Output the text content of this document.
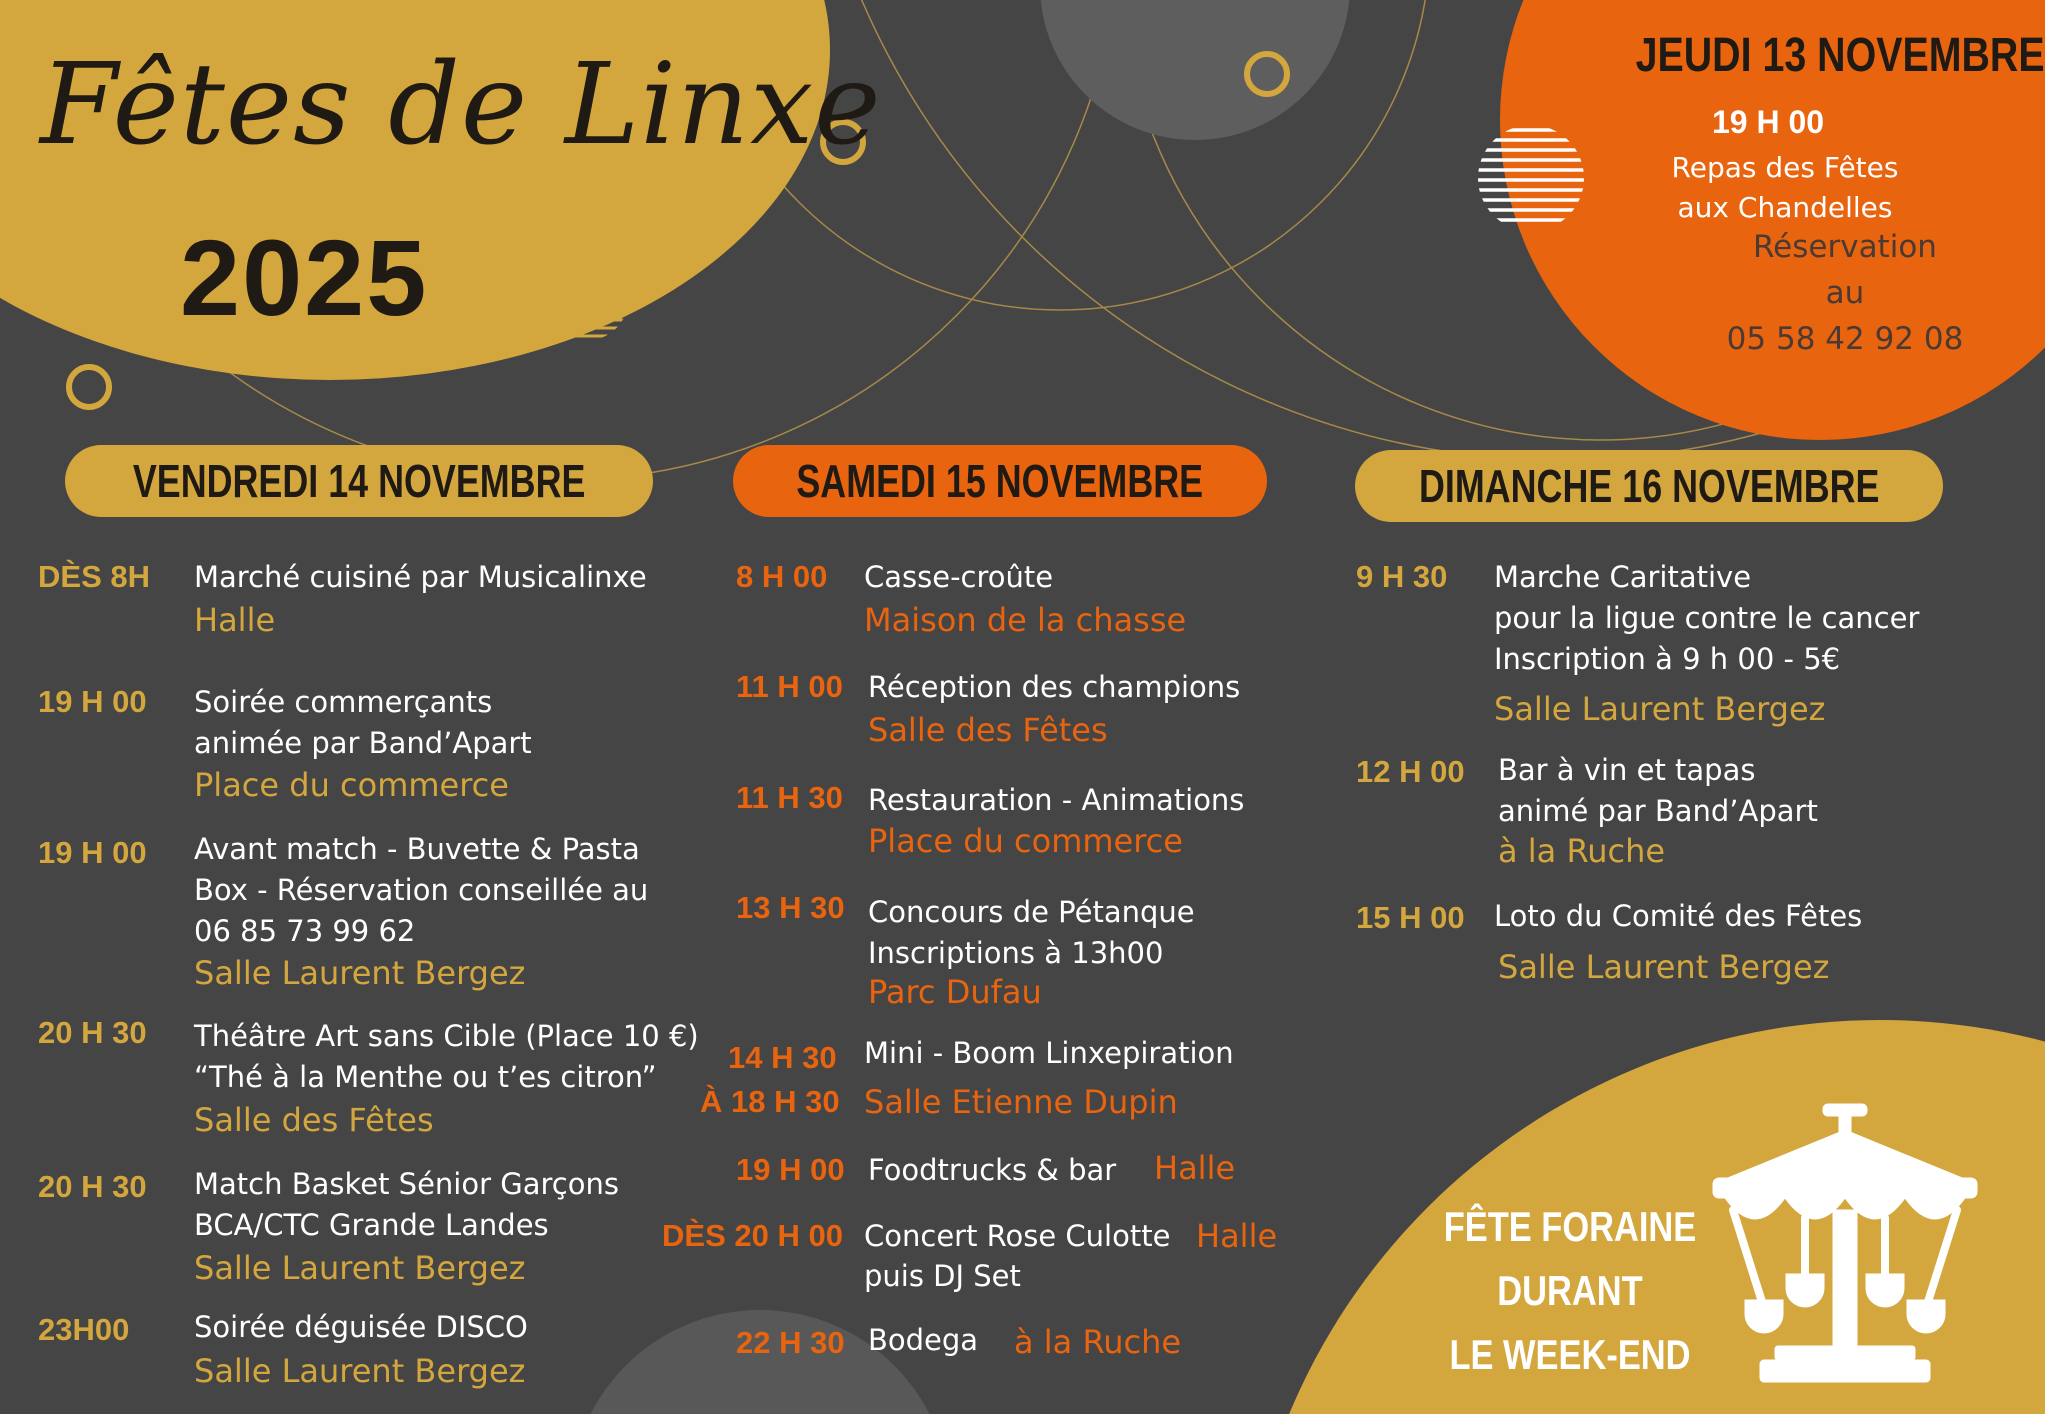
Fêtes de Linxe
2025
JEUDI 13 NOVEMBRE
19 H 00
Repas des Fêtes
aux Chandelles
Réservation
au
05 58 42 92 08
VENDREDI 14 NOVEMBRE	SAMEDI 15 NOVEMBRE	DIMANCHE 16 NOVEMBRE
DÈS 8H Marché cuisiné par Musicalinxe
Halle
19 H 00 Soirée commerçants
animée par Band’Apart
Place du commerce
19 H 00 Avant match - Buvette & Pasta
Box - Réservation conseillée au
06 85 73 99 62
Salle Laurent Bergez
20 H 30 Théâtre Art sans Cible (Place 10 €)
“Thé à la Menthe ou t’es citron”
Salle des Fêtes
20 H 30 Match Basket Sénior Garçons
BCA/CTC Grande Landes
Salle Laurent Bergez
23H00 Soirée déguisée DISCO
Salle Laurent Bergez
8 H 00 Casse-croûte
Maison de la chasse
11 H 00 Réception des champions
Salle des Fêtes
11 H 30 Restauration - Animations
Place du commerce
13 H 30 Concours de Pétanque
Inscriptions à 13h00
Parc Dufau
14 H 30
À 18 H 30
Mini - Boom Linxepiration
Salle Etienne Dupin
19 H 00 Foodtrucks & bar Halle
DÈS 20 H 00 Concert Rose Culotte
puis DJ Set
Halle
22 H 30 Bodega à la Ruche
9 H 30 Marche Caritative
pour la ligue contre le cancer
Inscription à 9 h 00 - 5€
Salle Laurent Bergez
12 H 00 Bar à vin et tapas
animé par Band’Apart
à la Ruche
15 H 00 Loto du Comité des Fêtes
Salle Laurent Bergez
FÊTE FORAINE
DURANT
LE WEEK-END
